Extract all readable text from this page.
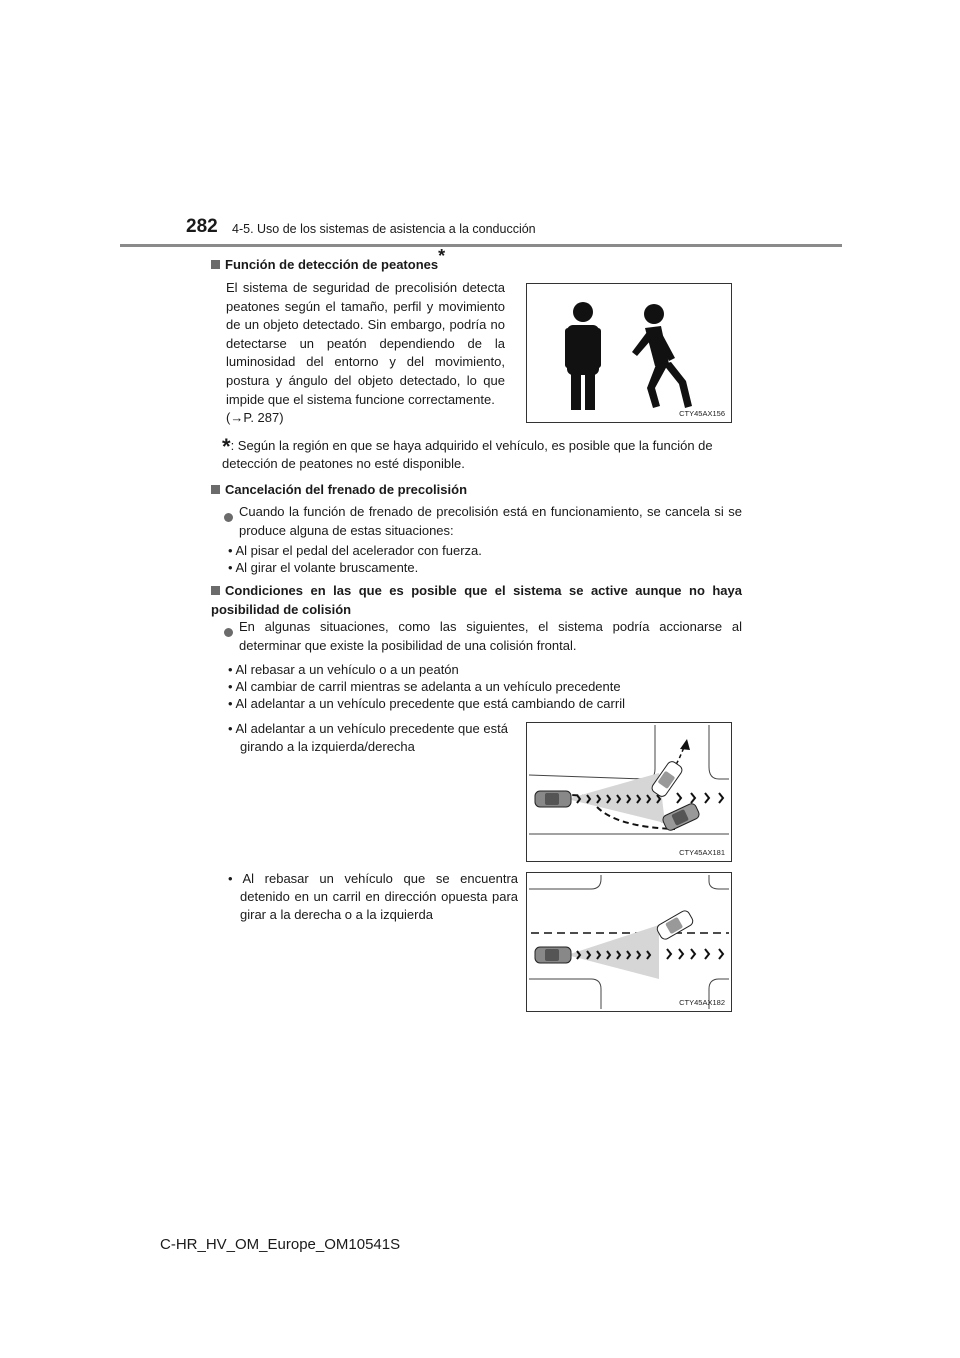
282 4-5. Uso de los sistemas de asistencia a la conducción
Función de detección de peatones*
El sistema de seguridad de precolisión detecta peatones según el tamaño, perfil y movimiento de un objeto detectado. Sin embargo, podría no detectarse un peatón dependiendo de la luminosidad del entorno y del movimiento, postura y ángulo del objeto detectado, lo que impide que el sistema funcione correctamente.
(→P. 287)	CTY45AX156
*: Según la región en que se haya adquirido el vehículo, es posible que la función de detección de peatones no esté disponible.
Cancelación del frenado de precolisión
Cuando la función de frenado de precolisión está en funcionamiento, se cancela si se produce alguna de estas situaciones:
• Al pisar el pedal del acelerador con fuerza.
• Al girar el volante bruscamente.
Condiciones en las que es posible que el sistema se active aunque no haya posibilidad de colisión
En algunas situaciones, como las siguientes, el sistema podría accionarse al determinar que existe la posibilidad de una colisión frontal.
• Al rebasar a un vehículo o a un peatón
• Al cambiar de carril mientras se adelanta a un vehículo precedente
• Al adelantar a un vehículo precedente que está cambiando de carril
• Al adelantar a un vehículo precedente que está girando a la izquierda/derecha
CTY45AX181
• Al rebasar un vehículo que se encuentra detenido en un carril en dirección opuesta para girar a la derecha o a la izquierda
CTY45AX182
C-HR_HV_OM_Europe_OM10541S
